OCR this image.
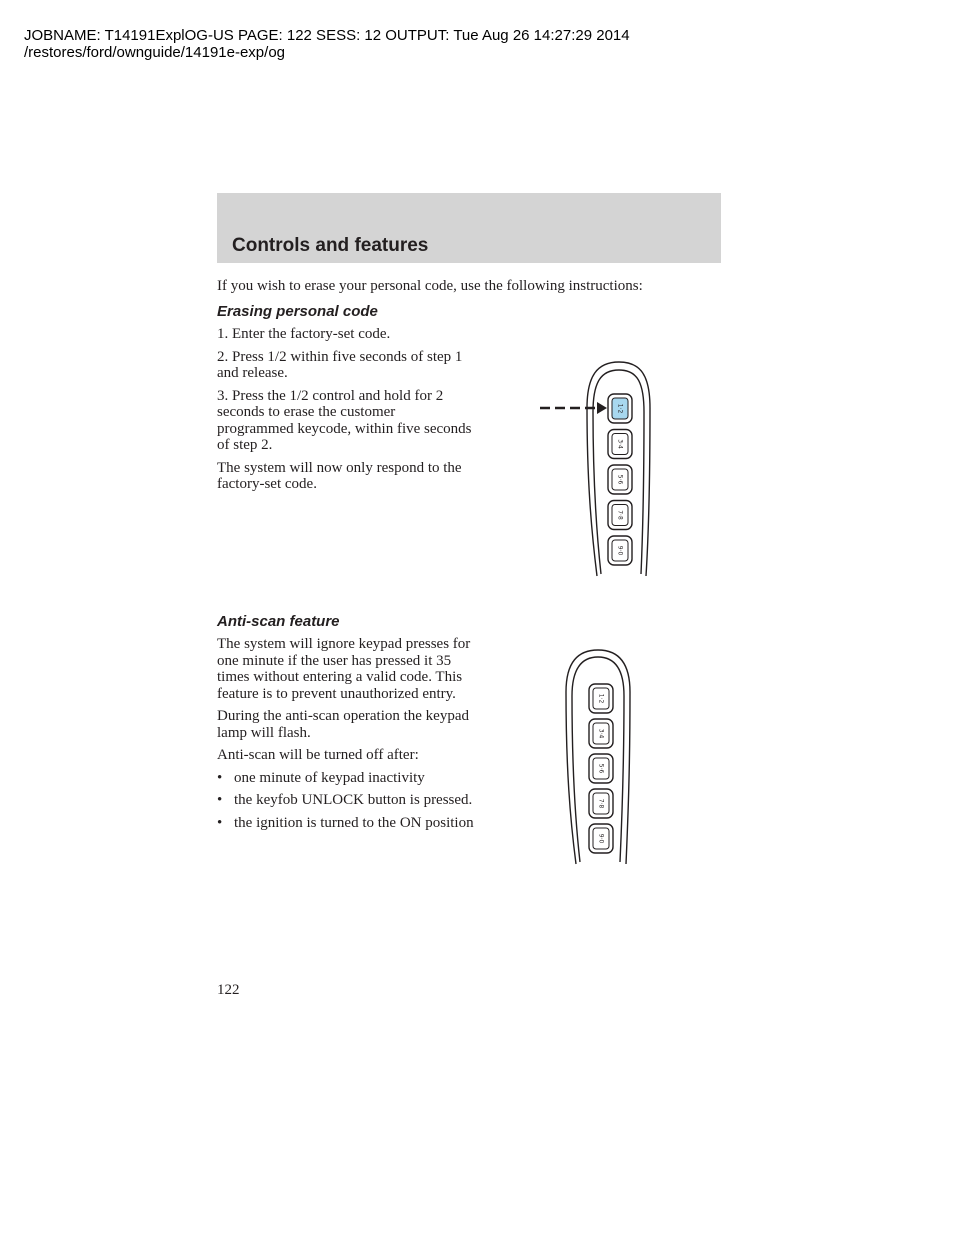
JOBNAME: T14191ExplOG-US PAGE: 122 SESS: 12 OUTPUT: Tue Aug 26 14:27:29 2014
/restores/ford/ownguide/14191e-exp/og
Controls and features

If you wish to erase your personal code, use the following instructions:

Erasing personal code

1. Enter the factory-set code.

2. Press 1/2 within five seconds of step 1 and release.

3. Press the 1/2 control and hold for 2 seconds to erase the customer programmed keycode, within five seconds of step 2.

The system will now only respond to the factory-set code.

Anti-scan feature

The system will ignore keypad presses for one minute if the user has pressed it 35 times without entering a valid code. This feature is to prevent unauthorized entry.

During the anti-scan operation the keypad lamp will flash.

Anti-scan will be turned off after:

• one minute of keypad inactivity
• the keyfob UNLOCK button is pressed.
• the ignition is turned to the ON position
1·2
3·4
5·6
7·8
9·0
1·2
3·4
5·6
7·8
9·0
122
